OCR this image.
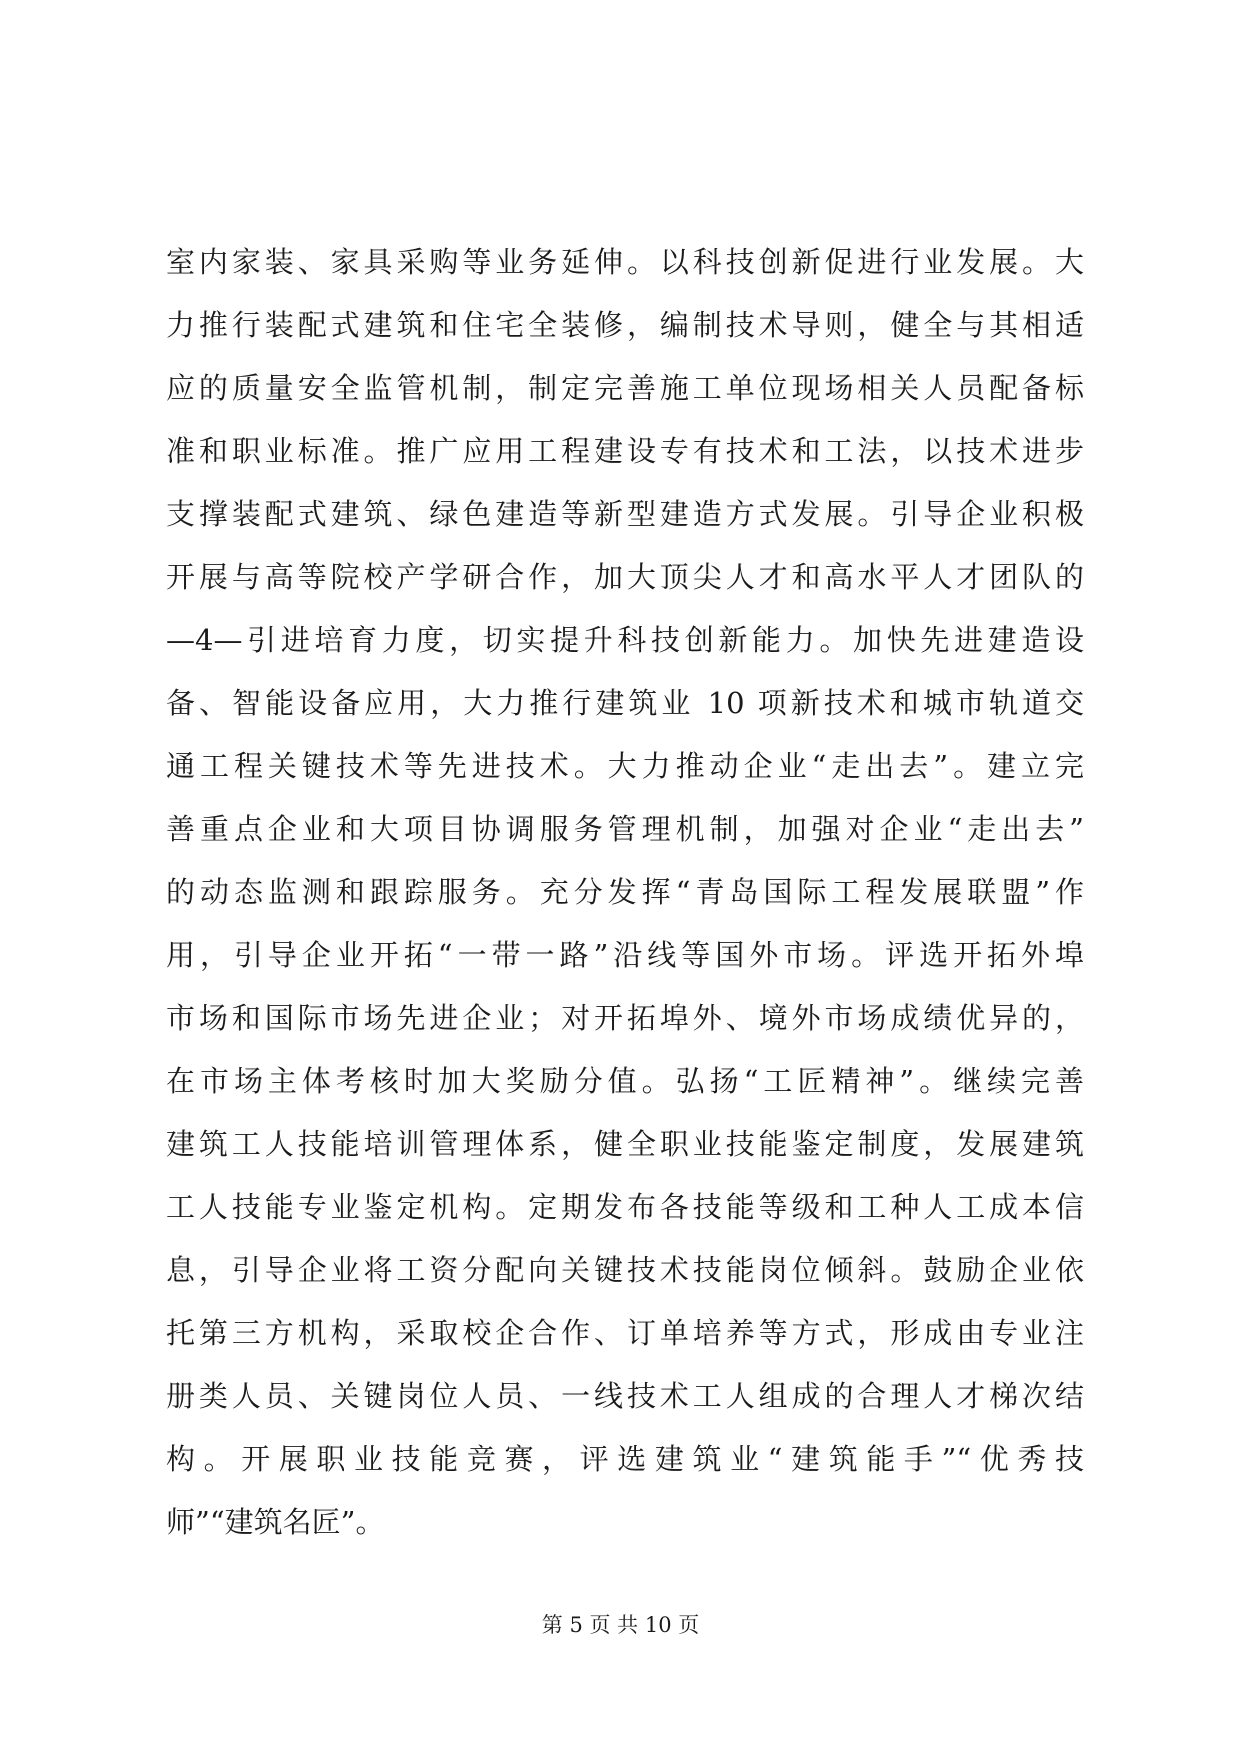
室内家装、家具采购等业务延伸。以科技创新促进行业发展。大
力推行装配式建筑和住宅全装修，编制技术导则，健全与其相适
应的质量安全监管机制，制定完善施工单位现场相关人员配备标
准和职业标准。推广应用工程建设专有技术和工法，以技术进步
支撑装配式建筑、绿色建造等新型建造方式发展。引导企业积极
开展与高等院校产学研合作，加大顶尖人才和高水平人才团队的
—4—引进培育力度，切实提升科技创新能力。加快先进建造设
备、智能设备应用，大力推行建筑业 10 项新技术和城市轨道交
通工程关键技术等先进技术。大力推动企业“走出去”。建立完
善重点企业和大项目协调服务管理机制，加强对企业“走出去”
的动态监测和跟踪服务。充分发挥“青岛国际工程发展联盟”作
用，引导企业开拓“一带一路”沿线等国外市场。评选开拓外埠
市场和国际市场先进企业；对开拓埠外、境外市场成绩优异的，
在市场主体考核时加大奖励分值。弘扬“工匠精神”。继续完善
建筑工人技能培训管理体系，健全职业技能鉴定制度，发展建筑
工人技能专业鉴定机构。定期发布各技能等级和工种人工成本信
息，引导企业将工资分配向关键技术技能岗位倾斜。鼓励企业依
托第三方机构，采取校企合作、订单培养等方式，形成由专业注
册类人员、关键岗位人员、一线技术工人组成的合理人才梯次结
构。开展职业技能竞赛，评选建筑业“建筑能手”“优秀技
师”“建筑名匠”。
第 5 页 共 10 页
